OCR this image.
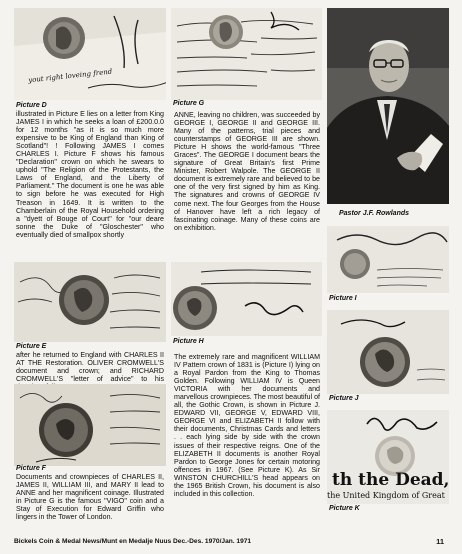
yout right loveing frend
Picture D	Picture G
Pastor J.F. Rowlands

illustrated in Picture E lies on a letter from King JAMES I in which he seeks a loan of £200.0.0 for 12 months "as it is so much more expensive to be King of England than King of Scotland"! ! Following JAMES I comes CHARLES I. Picture F shows his famous "Declaration" crown on which he swears to uphold "The Religion of the Protestants, the Laws of England, and the Liberty of Parliament." The document is one he was able to sign before he was executed for High Treason in 1649. It is written to the Chamberlain of the Royal Household ordering a "dyett of Bouge of Court" for "our deare sonne the Duke of "Gloschester" who eventually died of smallpox shortly

ANNE, leaving no children, was succeeded by GEORGE I, GEORGE II and GEORGE III. Many of the patterns, trial pieces and counterstamps of GEORGE III are shown. Picture H shows the world-famous "Three Graces". The GEORGE I document bears the signature of Great Britain's first Prime Minister, Robert Walpole. The GEORGE II document is extremely rare and believed to be one of the very first signed by him as King. The signatures and crowns of GEORGE IV come next. The four Georges from the House of Hanover have left a rich legacy of fascinating coinage. Many of these coins are on exhibition.

Picture I
Picture E
Picture H
Picture J

after he returned to England with CHARLES II AT THE Restoration. OLIVER CROMWELL'S document and crown; and RICHARD CROMWELL'S "letter of advice" to his

The extremely rare and magnificent WILLIAM IV Pattern crown of 1831 is (Picture I) lying on a Royal Pardon from the King to Thomas Golden. Following WILLIAM IV is Queen VICTORIA with her documents and marvellous crownpieces. The most beautiful of all, the Gothic Crown, is shown in Picture J. EDWARD VII, GEORGE V, EDWARD VIII, GEORGE VI and ELIZABETH II follow with their documents, Christmas Cards and letters . . each lying side by side with the crown issues of their respective reigns. One of the ELIZABETH II documents is another Royal Pardon to George Jones for certain motoring offences in 1967. (See Picture K). As Sir WINSTON CHURCHILL'S head appears on the 1965 British Crown, his document is also included in this collection.

Picture F

Documents and crownpieces of CHARLES II, JAMES II, WILLIAM III, and MARY II lead to ANNE and her magnificent coinage. Illustrated in Picture G is the famous "VIGO" coin and a Stay of Execution for Edward Griffin who lingers in the Tower of London.

th the Dead,
the United Kingdom of Great
Picture K
Bickels Coin & Medal News/Munt en Medalje Nuus Dec.-Des. 1970/Jan. 1971	11
